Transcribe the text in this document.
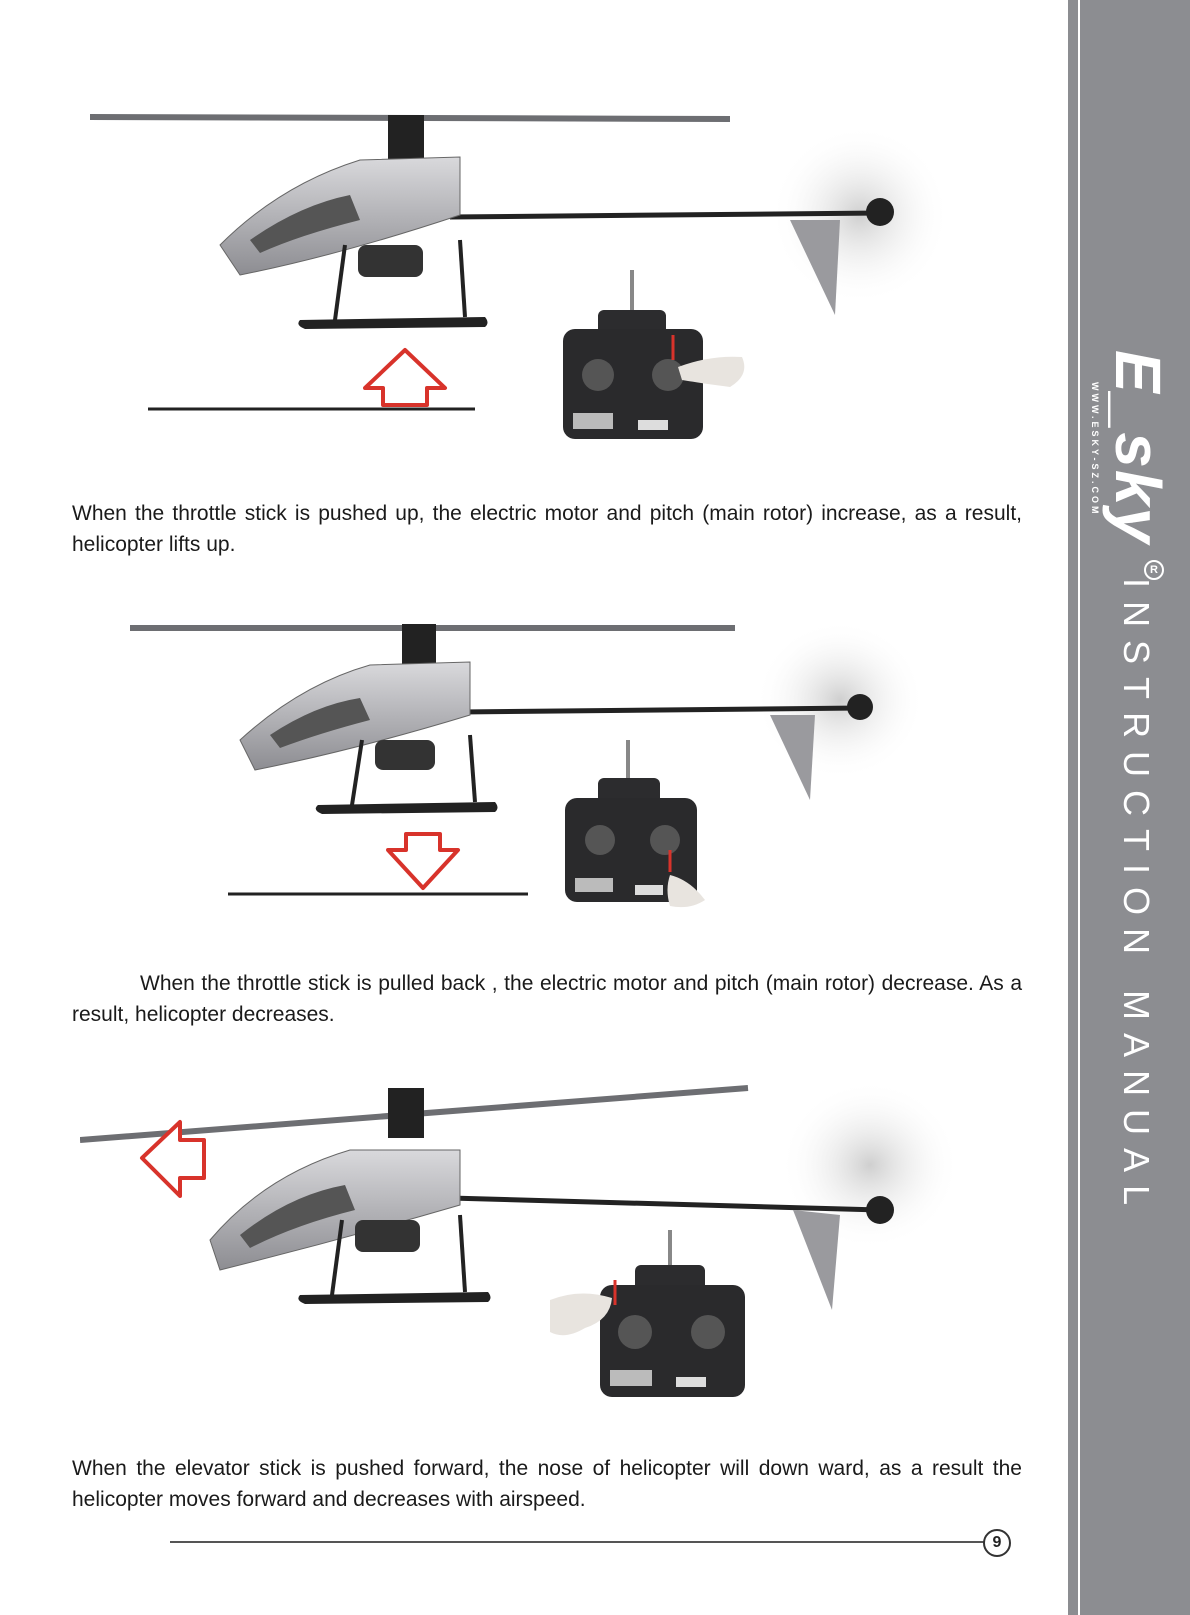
E_sky
WWW.ESKY-SZ.COM
R
INSTRUCTION MANUAL
When the throttle stick is pushed up, the electric motor and pitch (main rotor) increase, as a result, helicopter lifts up.
When the throttle stick is pulled back , the electric motor and pitch (main rotor) decrease. As a result, helicopter decreases.
When the elevator stick is pushed forward, the nose of helicopter will down ward, as a result the helicopter moves forward and decreases with airspeed.
9
